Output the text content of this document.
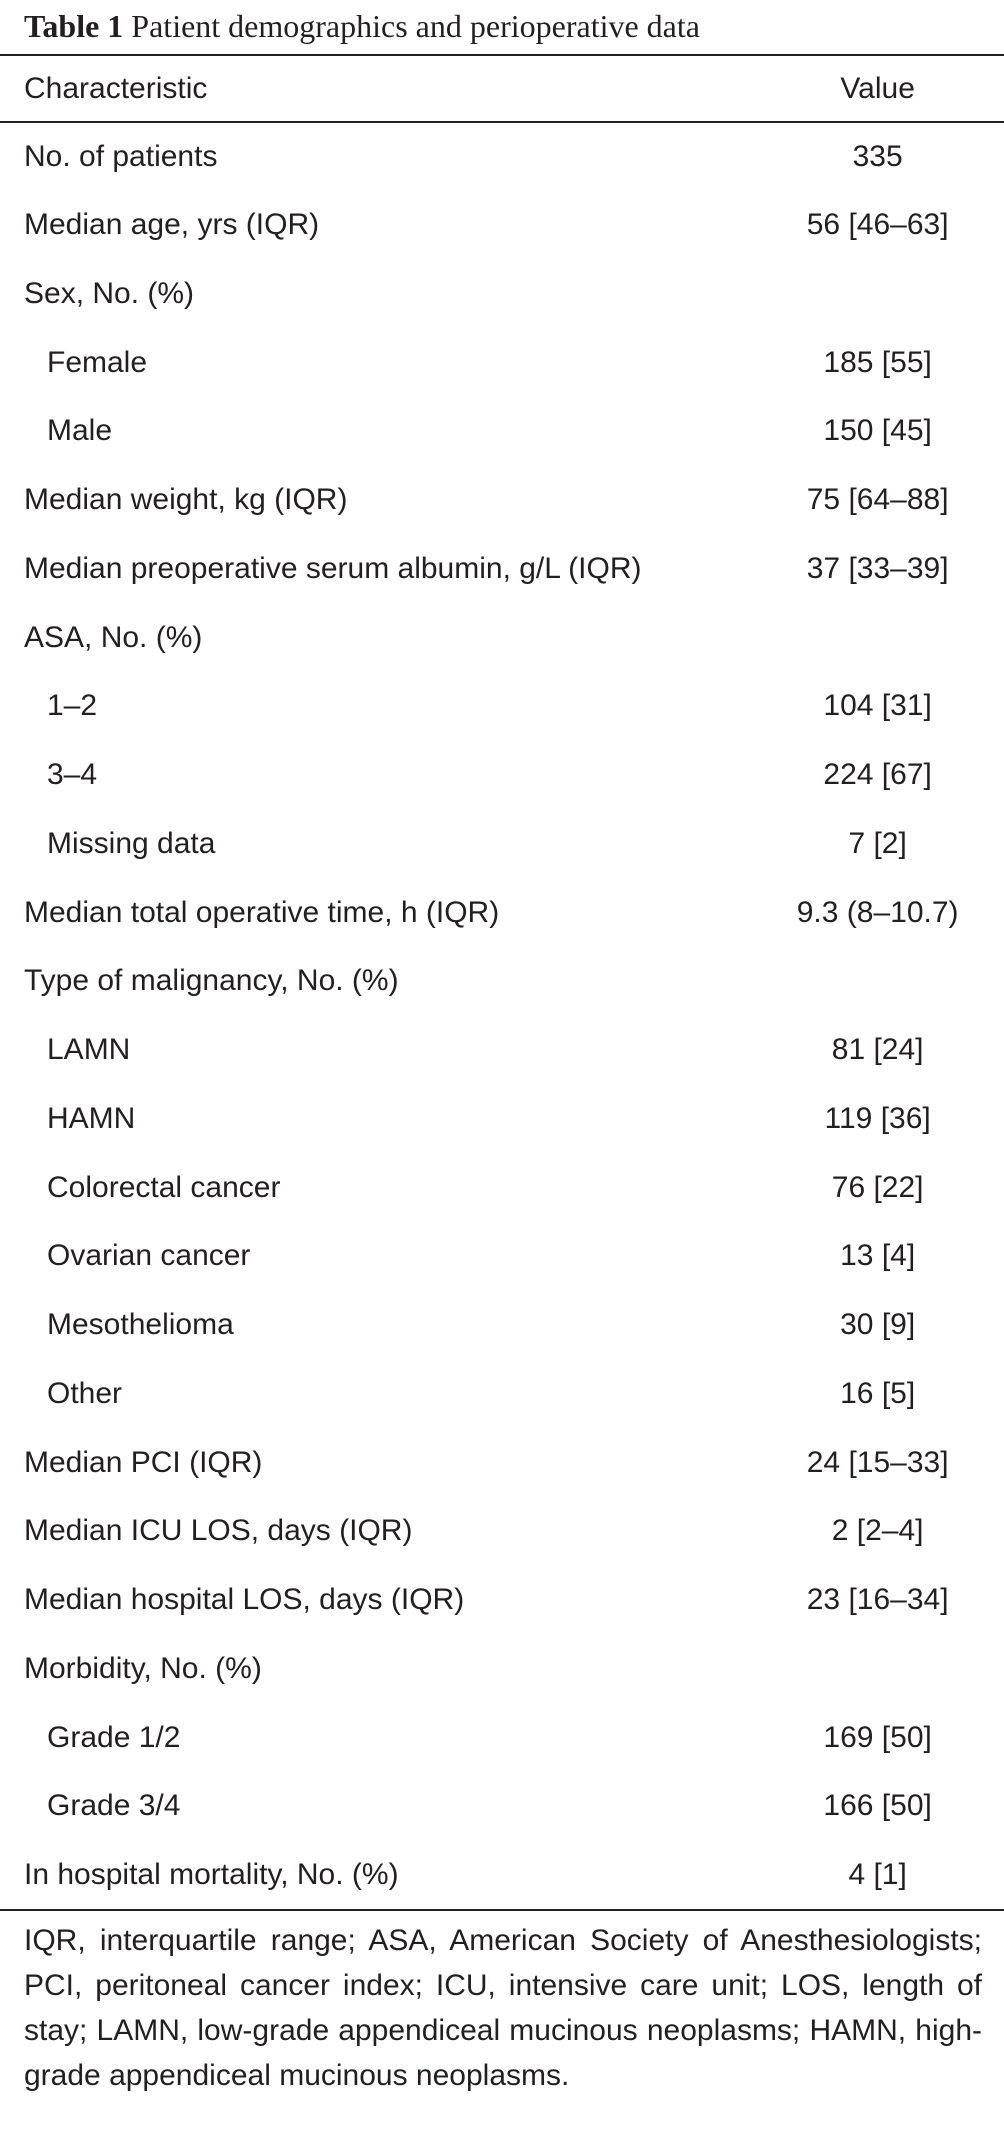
Table 1 Patient demographics and perioperative data
Characteristic	Value
No. of patients	335
Median age, yrs (IQR)	56 [46–63]
Sex, No. (%)	
Female	185 [55]
Male	150 [45]
Median weight, kg (IQR)	75 [64–88]
Median preoperative serum albumin, g/L (IQR)	37 [33–39]
ASA, No. (%)	
1–2	104 [31]
3–4	224 [67]
Missing data	7 [2]
Median total operative time, h (IQR)	9.3 (8–10.7)
Type of malignancy, No. (%)	
LAMN	81 [24]
HAMN	119 [36]
Colorectal cancer	76 [22]
Ovarian cancer	13 [4]
Mesothelioma	30 [9]
Other	16 [5]
Median PCI (IQR)	24 [15–33]
Median ICU LOS, days (IQR)	2 [2–4]
Median hospital LOS, days (IQR)	23 [16–34]
Morbidity, No. (%)	
Grade 1/2	169 [50]
Grade 3/4	166 [50]
In hospital mortality, No. (%)	4 [1]
IQR, interquartile range; ASA, American Society of Anesthesiologists; PCI, peritoneal cancer index; ICU, intensive care unit; LOS, length of stay; LAMN, low-grade appendiceal mucinous neoplasms; HAMN, high-grade appendiceal mucinous neoplasms.
